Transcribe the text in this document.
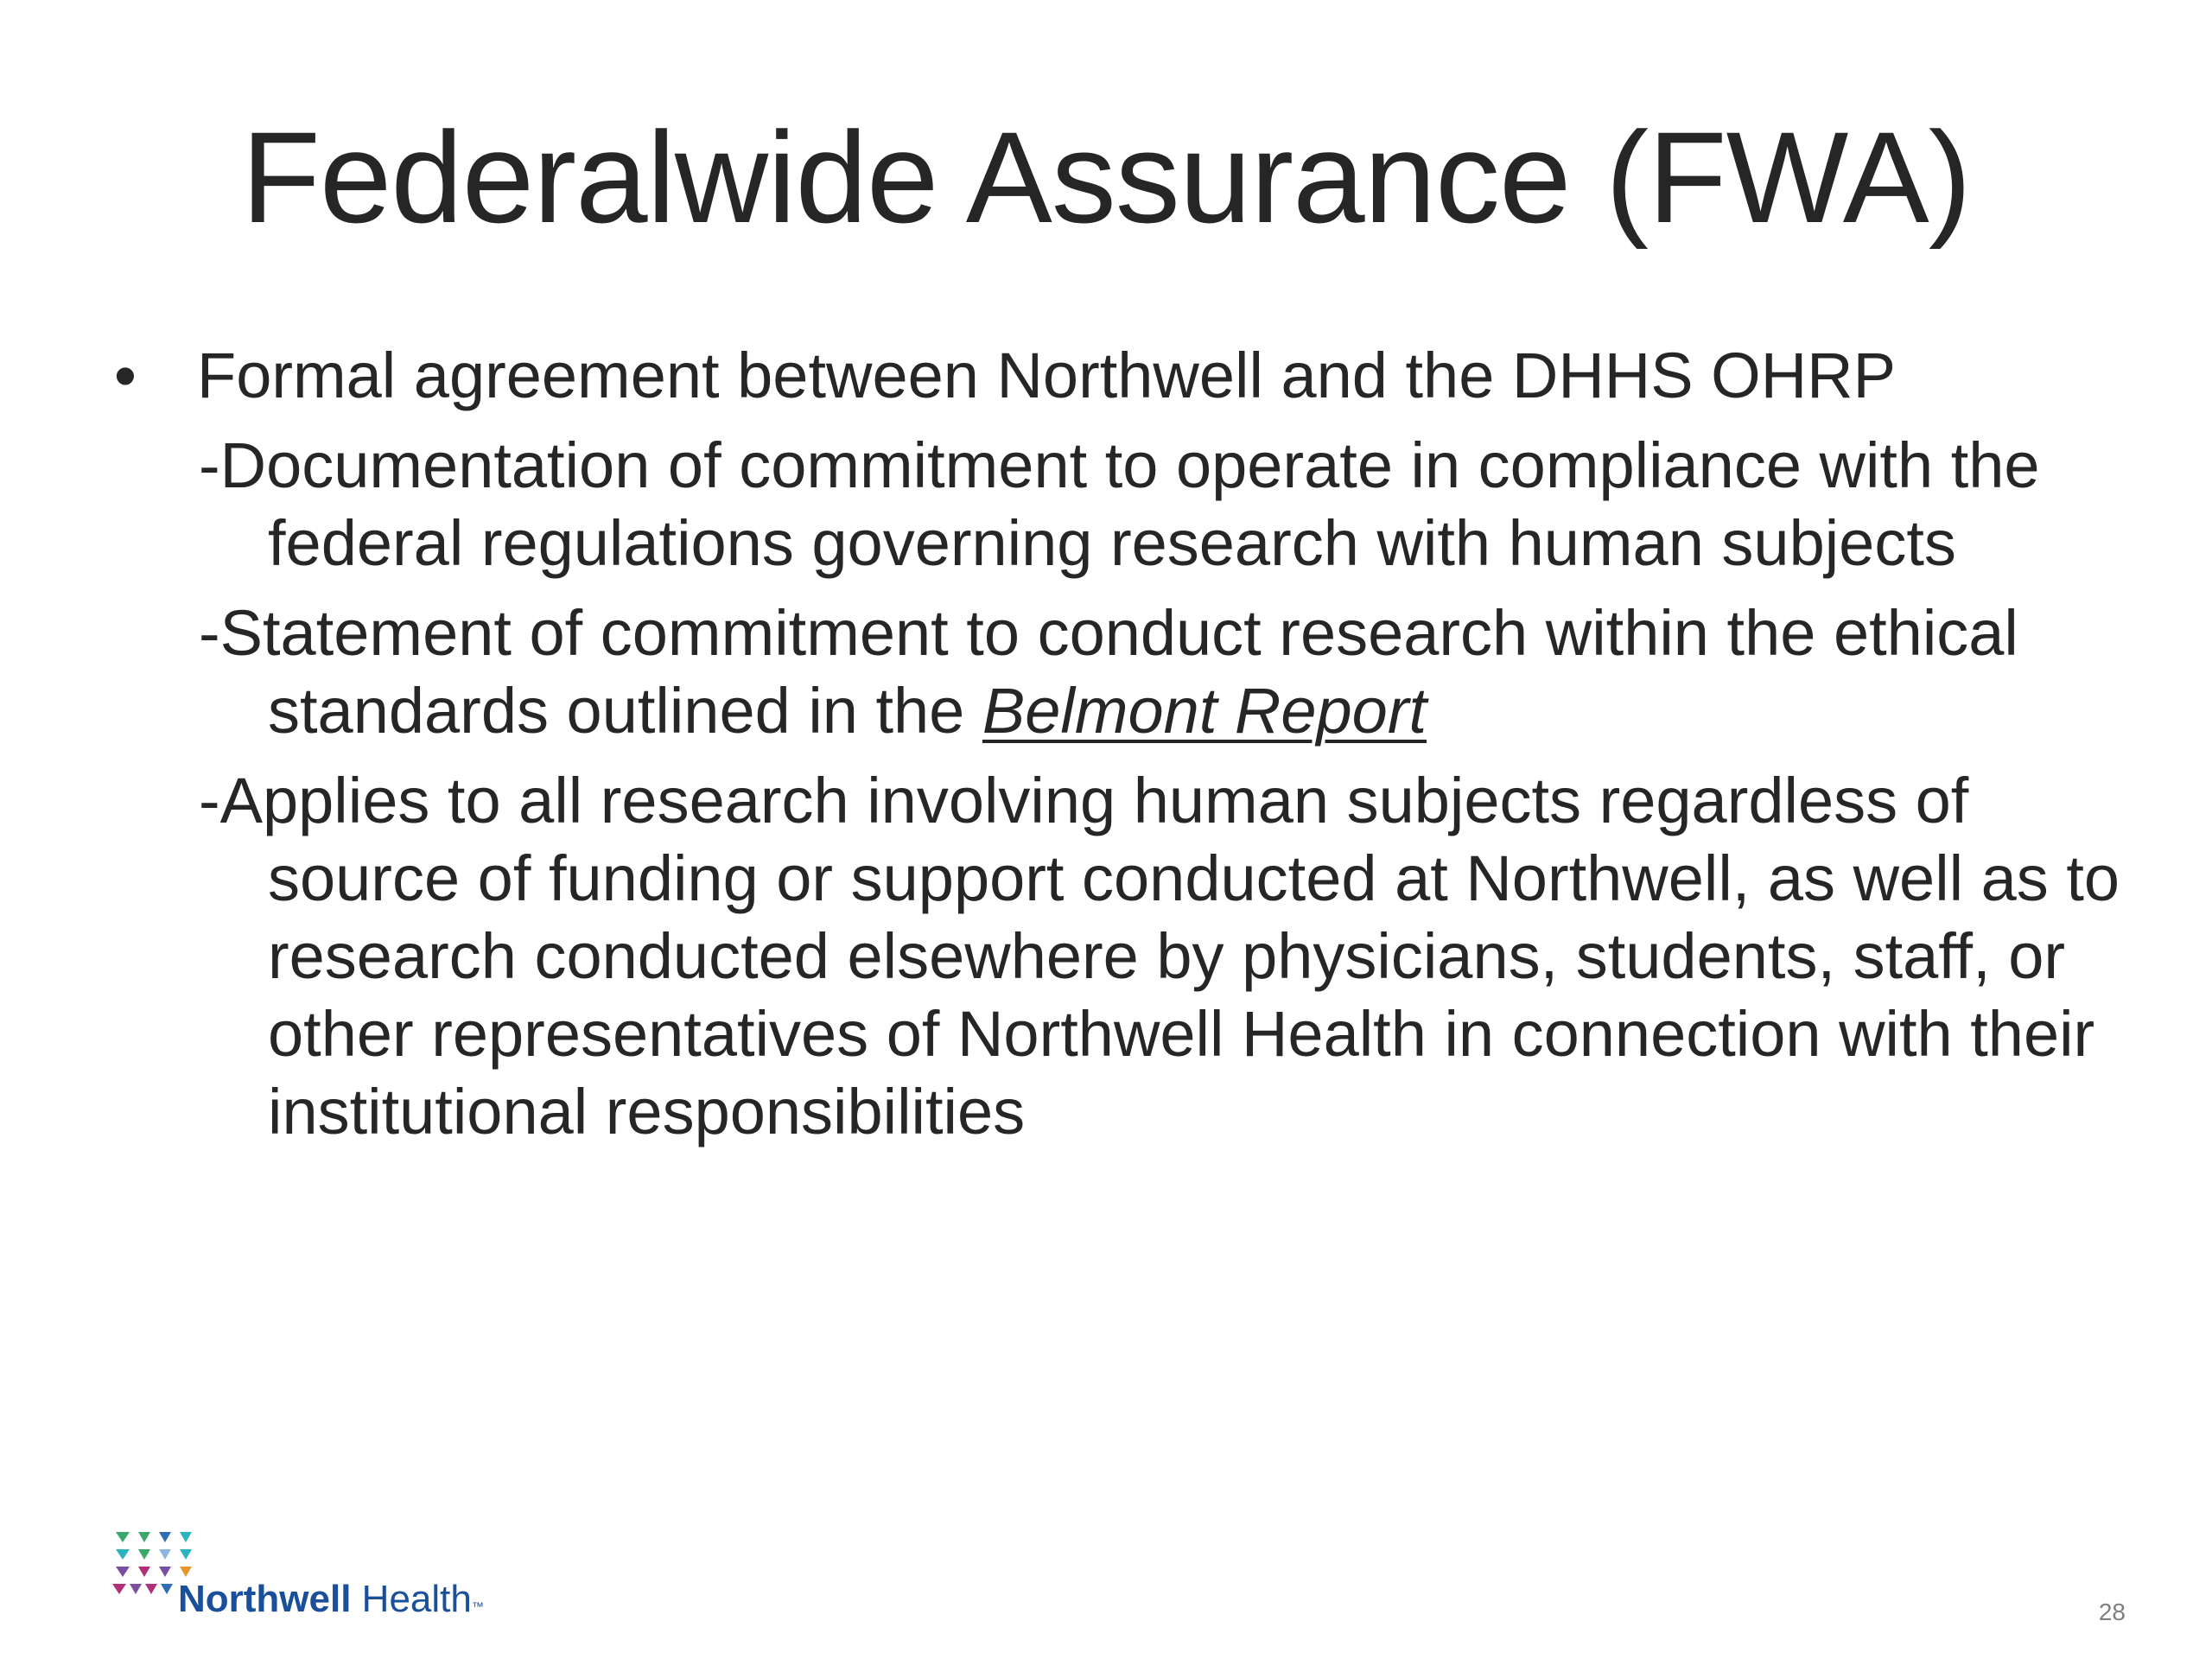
Federalwide Assurance (FWA)
• Formal agreement between Northwell and the DHHS OHRP
-Documentation of commitment to operate in compliance with the federal regulations governing research with human subjects
-Statement of commitment to conduct research within the ethical standards outlined in the Belmont Report
-Applies to all research involving human subjects regardless of source of funding or support conducted at Northwell, as well as to research conducted elsewhere by physicians, students, staff, or other representatives of Northwell Health in connection with their institutional responsibilities
Northwell Health™	28
